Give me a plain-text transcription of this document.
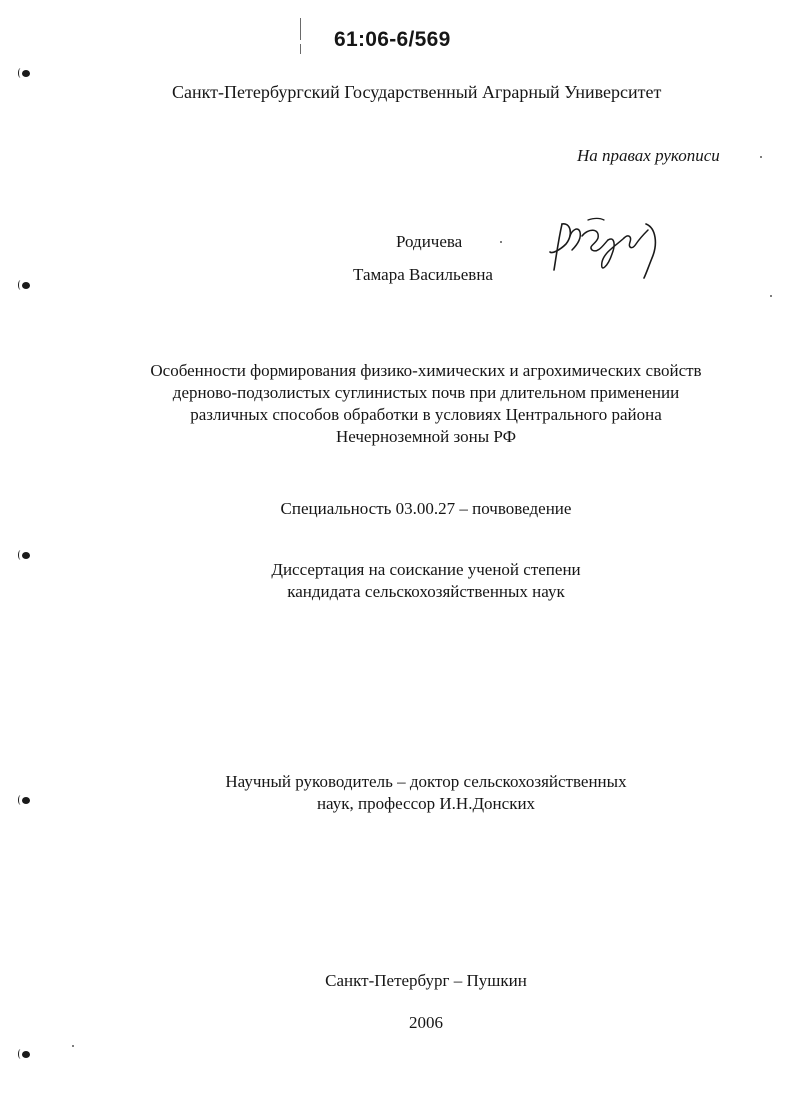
61:06-6/569
Санкт-Петербургский Государственный Аграрный Университет
На правах рукописи
Родичева
Тамара Васильевна
Особенности формирования физико-химических и агрохимических свойств
дерново-подзолистых суглинистых почв при длительном применении
различных способов обработки в условиях Центрального района
Нечерноземной зоны РФ
Специальность 03.00.27 – почвоведение
Диссертация на соискание ученой степени
кандидата сельскохозяйственных наук
Научный руководитель – доктор сельскохозяйственных
наук, профессор И.Н.Донских
Санкт-Петербург – Пушкин
2006
